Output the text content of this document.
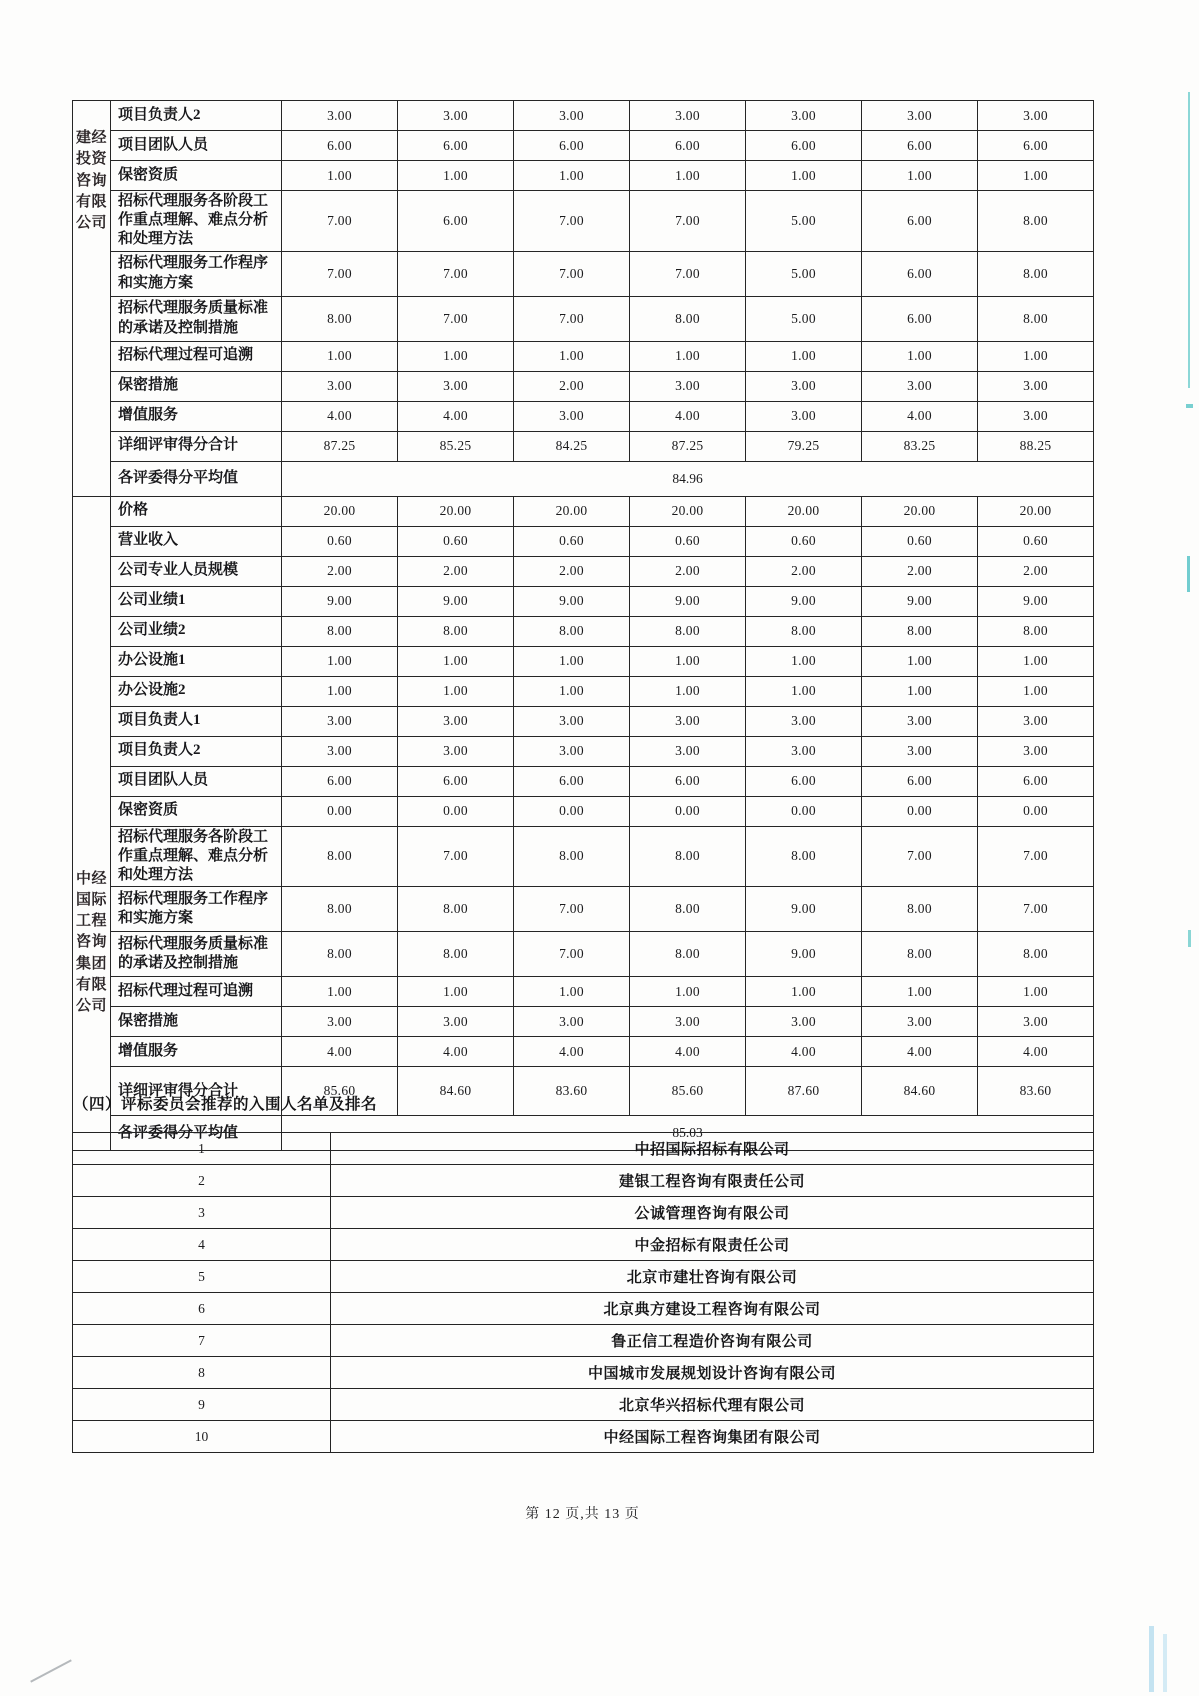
建经投资咨询有限公司	项目负责人2	3.00	3.00	3.00	3.00	3.00	3.00	3.00
	项目团队人员	6.00	6.00	6.00	6.00	6.00	6.00	6.00
	保密资质	1.00	1.00	1.00	1.00	1.00	1.00	1.00
	招标代理服务各阶段工作重点理解、难点分析和处理方法	7.00	6.00	7.00	7.00	5.00	6.00	8.00
	招标代理服务工作程序和实施方案	7.00	7.00	7.00	7.00	5.00	6.00	8.00
	招标代理服务质量标准的承诺及控制措施	8.00	7.00	7.00	8.00	5.00	6.00	8.00
	招标代理过程可追溯	1.00	1.00	1.00	1.00	1.00	1.00	1.00
	保密措施	3.00	3.00	2.00	3.00	3.00	3.00	3.00
	增值服务	4.00	4.00	3.00	4.00	3.00	4.00	3.00
	详细评审得分合计	87.25	85.25	84.25	87.25	79.25	83.25	88.25
	各评委得分平均值	84.96						

中经国际工程咨询集团有限公司	价格	20.00	20.00	20.00	20.00	20.00	20.00	20.00
	营业收入	0.60	0.60	0.60	0.60	0.60	0.60	0.60
	公司专业人员规模	2.00	2.00	2.00	2.00	2.00	2.00	2.00
	公司业绩1	9.00	9.00	9.00	9.00	9.00	9.00	9.00
	公司业绩2	8.00	8.00	8.00	8.00	8.00	8.00	8.00
	办公设施1	1.00	1.00	1.00	1.00	1.00	1.00	1.00
	办公设施2	1.00	1.00	1.00	1.00	1.00	1.00	1.00
	项目负责人1	3.00	3.00	3.00	3.00	3.00	3.00	3.00
	项目负责人2	3.00	3.00	3.00	3.00	3.00	3.00	3.00
	项目团队人员	6.00	6.00	6.00	6.00	6.00	6.00	6.00
	保密资质	0.00	0.00	0.00	0.00	0.00	0.00	0.00
	招标代理服务各阶段工作重点理解、难点分析和处理方法	8.00	7.00	8.00	8.00	8.00	7.00	7.00
	招标代理服务工作程序和实施方案	8.00	8.00	7.00	8.00	9.00	8.00	7.00
	招标代理服务质量标准的承诺及控制措施	8.00	8.00	7.00	8.00	9.00	8.00	8.00
	招标代理过程可追溯	1.00	1.00	1.00	1.00	1.00	1.00	1.00
	保密措施	3.00	3.00	3.00	3.00	3.00	3.00	3.00
	增值服务	4.00	4.00	4.00	4.00	4.00	4.00	4.00
	详细评审得分合计	85.60	84.60	83.60	85.60	87.60	84.60	83.60
	各评委得分平均值	85.03						
（四）评标委员会推荐的入围人名单及排名
1	中招国际招标有限公司
2	建银工程咨询有限责任公司
3	公诚管理咨询有限公司
4	中金招标有限责任公司
5	北京市建壮咨询有限公司
6	北京典方建设工程咨询有限公司
7	鲁正信工程造价咨询有限公司
8	中国城市发展规划设计咨询有限公司
9	北京华兴招标代理有限公司
10	中经国际工程咨询集团有限公司
第 12 页,共 13 页
